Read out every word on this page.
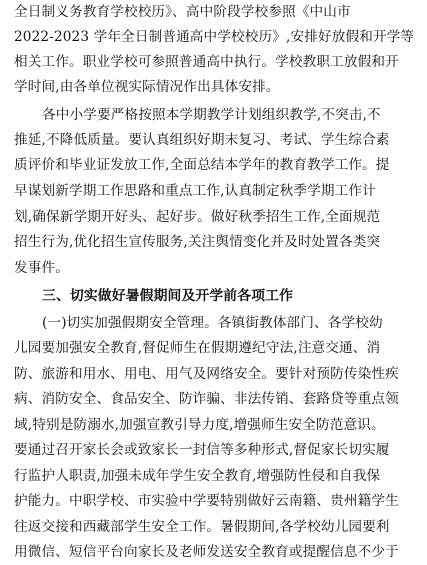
全日制义务教育学校校历》、高中阶段学校参照《中山市
2022-2023 学年全日制普通高中学校校历》,安排好放假和开学等
相关工作。职业学校可参照普通高中执行。学校教职工放假和开
学时间,由各单位视实际情况作出具体安排。
各中小学要严格按照本学期教学计划组织教学,不突击,不
推延,不降低质量。要认真组织好期末复习、考试、学生综合素
质评价和毕业证发放工作,全面总结本学年的教育教学工作。提
早谋划新学期工作思路和重点工作,认真制定秋季学期工作计
划,确保新学期开好头、起好步。做好秋季招生工作,全面规范
招生行为,优化招生宣传服务,关注舆情变化并及时处置各类突
发事件。
三、切实做好暑假期间及开学前各项工作
(一)切实加强假期安全管理。各镇街教体部门、各学校幼
儿园要加强安全教育,督促师生在假期遵纪守法,注意交通、消
防、旅游和用水、用电、用气及网络安全。要针对预防传染性疾
病、消防安全、食品安全、防诈骗、非法传销、套路贷等重点领
域,特别是防溺水,加强宣教引导力度,增强师生安全防范意识。
要通过召开家长会或致家长一封信等多种形式,督促家长切实履
行监护人职责,加强未成年学生安全教育,增强防性侵和自我保
护能力。中职学校、市实验中学要特别做好云南籍、贵州籍学生
往返交接和西藏部学生安全工作。暑假期间,各学校幼儿园要利
用微信、短信平台向家长及老师发送安全教育或提醒信息不少于
